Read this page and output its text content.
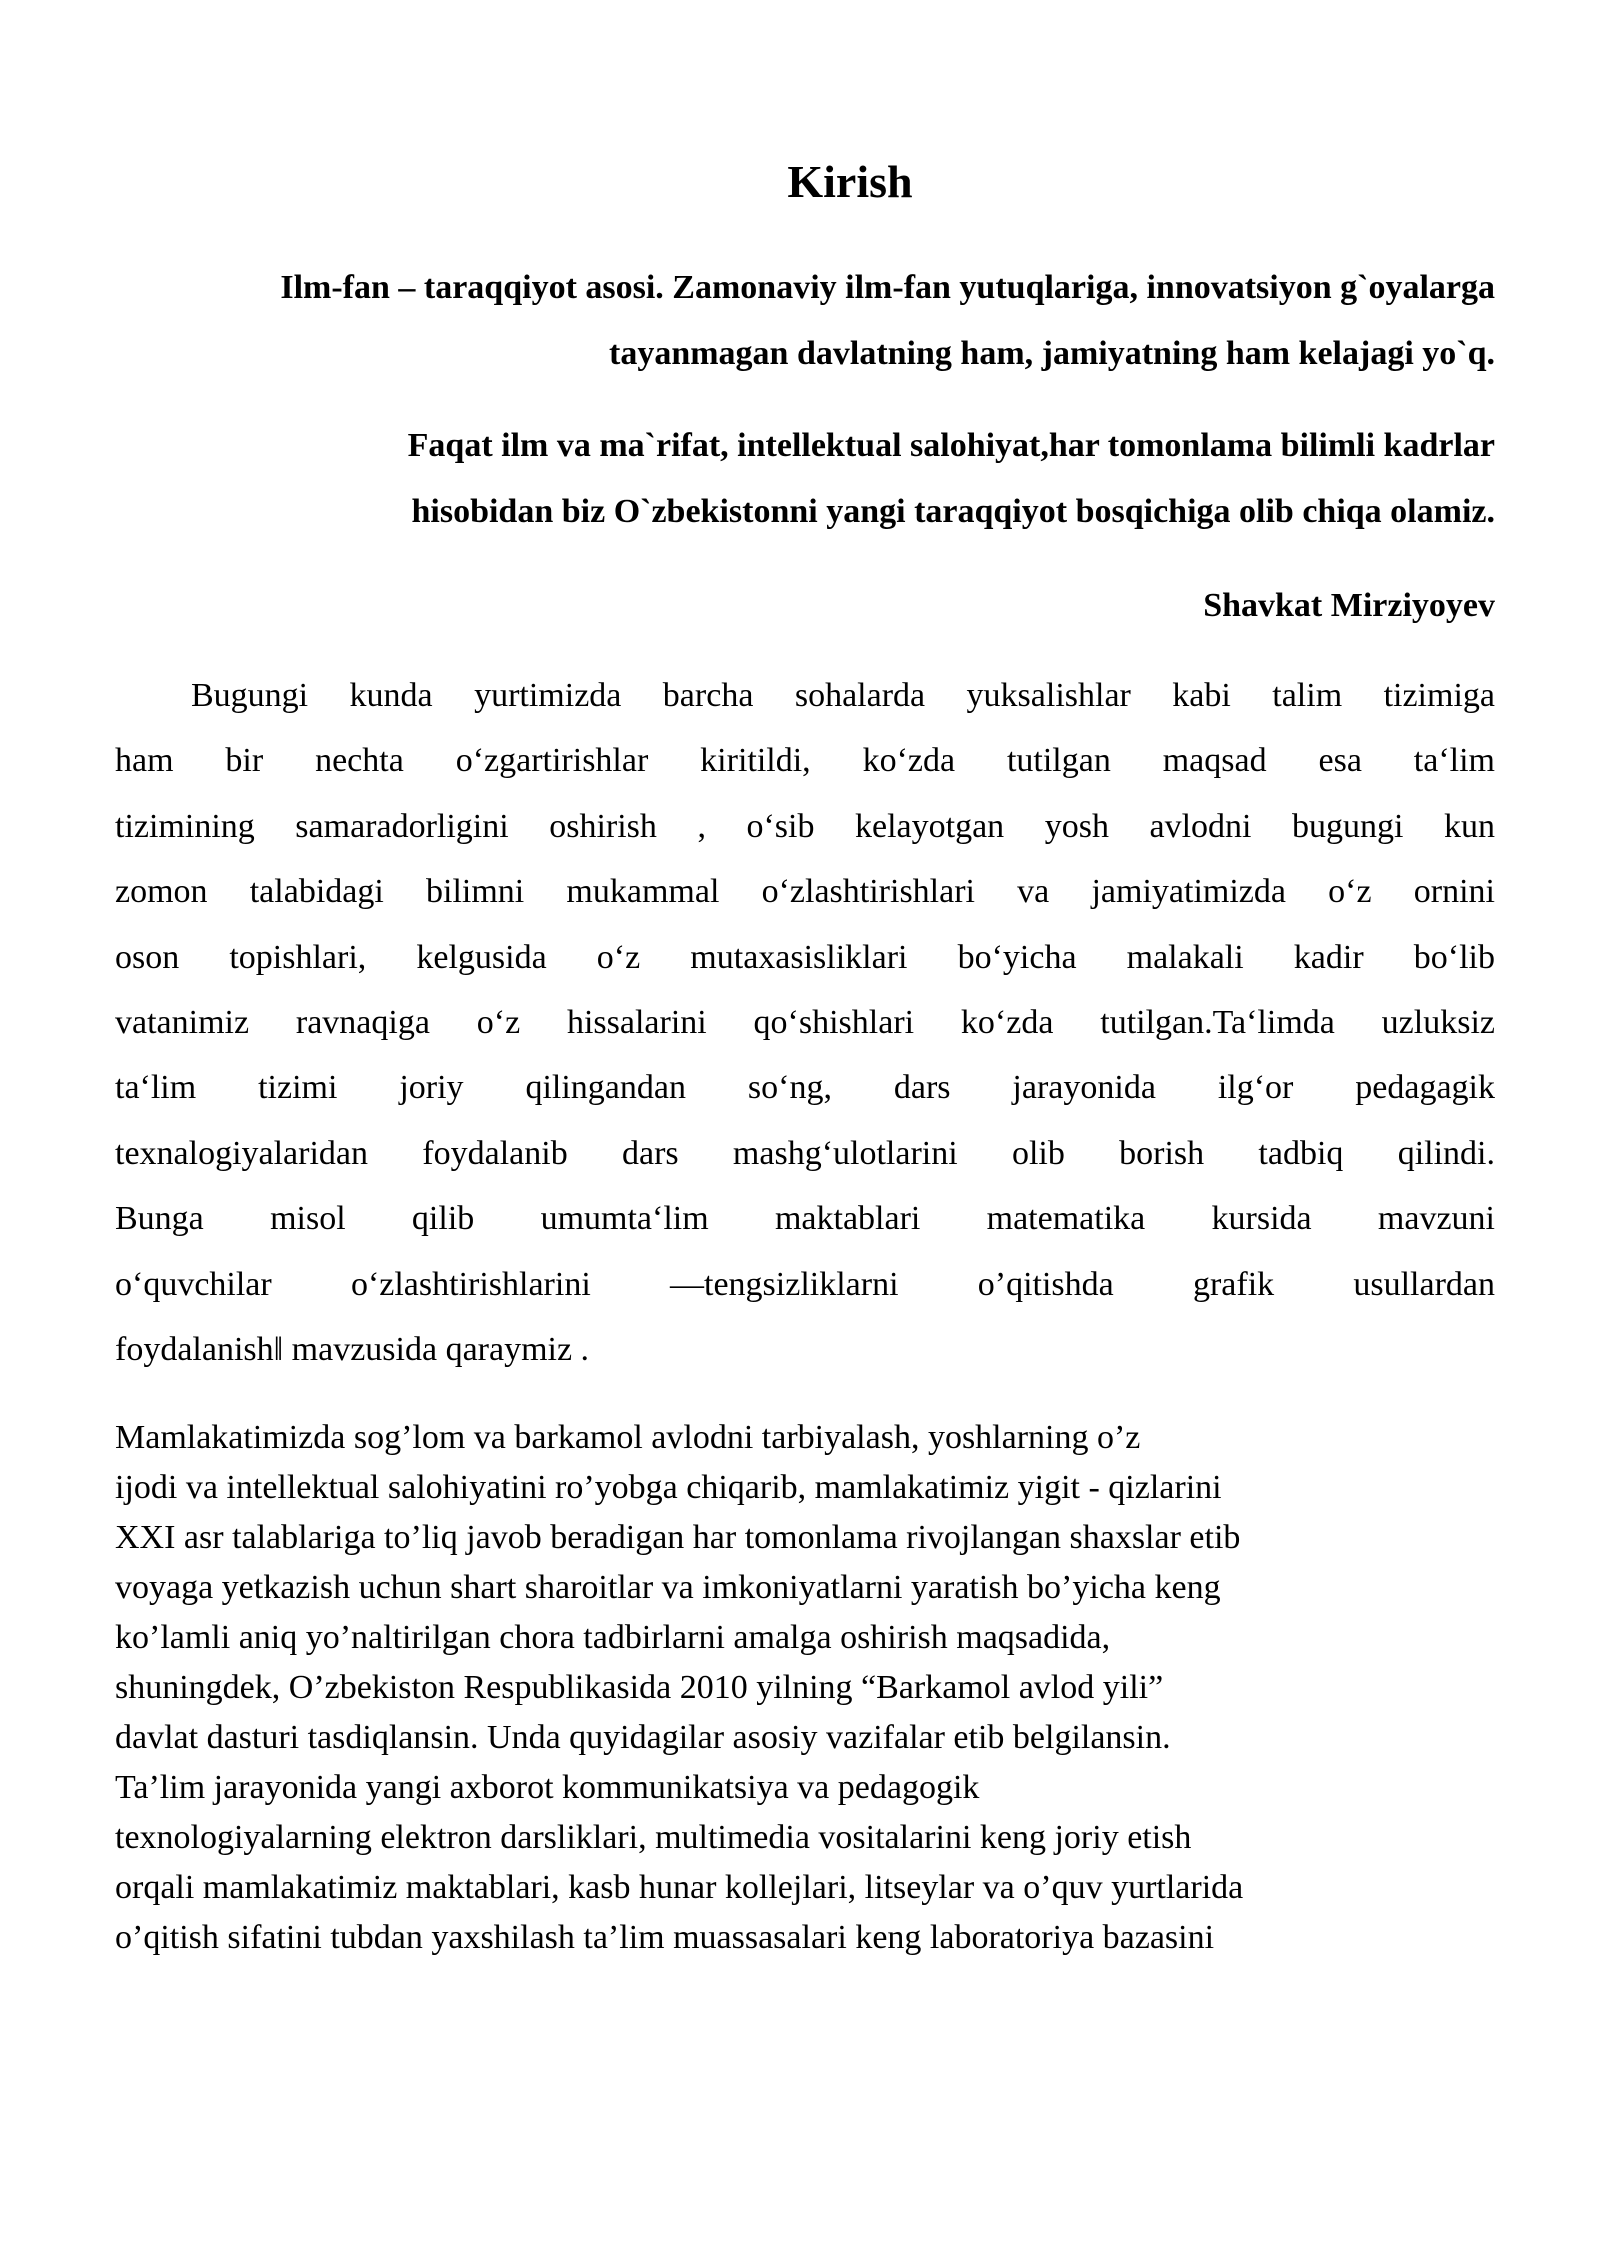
Kirish
Ilm-fan – taraqqiyot asosi. Zamonaviy ilm-fan yutuqlariga, innovatsiyon g`oyalarga
tayanmagan davlatning ham, jamiyatning ham kelajagi yo`q.
Faqat ilm va ma`rifat, intellektual salohiyat,har tomonlama bilimli kadrlar
hisobidan biz O`zbekistonni yangi taraqqiyot bosqichiga olib chiqa olamiz.
Shavkat Mirziyoyev
Bugungi kunda yurtimizda barcha sohalarda yuksalishlar kabi talim tizimiga
ham bir nechta o‘zgartirishlar kiritildi, ko‘zda tutilgan maqsad esa ta‘lim
tizimining samaradorligini oshirish , o‘sib kelayotgan yosh avlodni bugungi kun
zomon talabidagi bilimni mukammal o‘zlashtirishlari va jamiyatimizda o‘z ornini
oson topishlari, kelgusida o‘z mutaxasisliklari bo‘yicha malakali kadir bo‘lib
vatanimiz ravnaqiga o‘z hissalarini qo‘shishlari ko‘zda tutilgan.Ta‘limda uzluksiz
ta‘lim tizimi joriy qilingandan so‘ng, dars jarayonida ilg‘or pedagagik
texnalogiyalaridan foydalanib dars mashg‘ulotlarini olib borish tadbiq qilindi.
Bunga misol qilib umumta‘lim maktablari matematika kursida mavzuni
o‘quvchilar o‘zlashtirishlarini ―tengsizliklarni o’qitishda grafik usullardan
foydalanish‖ mavzusida qaraymiz .
Mamlakatimizda sog’lom va barkamol avlodni tarbiyalash, yoshlarning o’z
ijodi va intellektual salohiyatini ro’yobga chiqarib, mamlakatimiz yigit - qizlarini
XXI asr talablariga to’liq javob beradigan har tomonlama rivojlangan shaxslar etib
voyaga yetkazish uchun shart sharoitlar va imkoniyatlarni yaratish bo’yicha keng
ko’lamli aniq yo’naltirilgan chora tadbirlarni amalga oshirish maqsadida,
shuningdek, O’zbekiston Respublikasida 2010 yilning “Barkamol avlod yili”
davlat dasturi tasdiqlansin. Unda quyidagilar asosiy vazifalar etib belgilansin.
Ta’lim jarayonida yangi axborot kommunikatsiya va pedagogik
texnologiyalarning elektron darsliklari, multimedia vositalarini keng joriy etish
orqali mamlakatimiz maktablari, kasb hunar kollejlari, litseylar va o’quv yurtlarida
o’qitish sifatini tubdan yaxshilash ta’lim muassasalari keng laboratoriya bazasini
